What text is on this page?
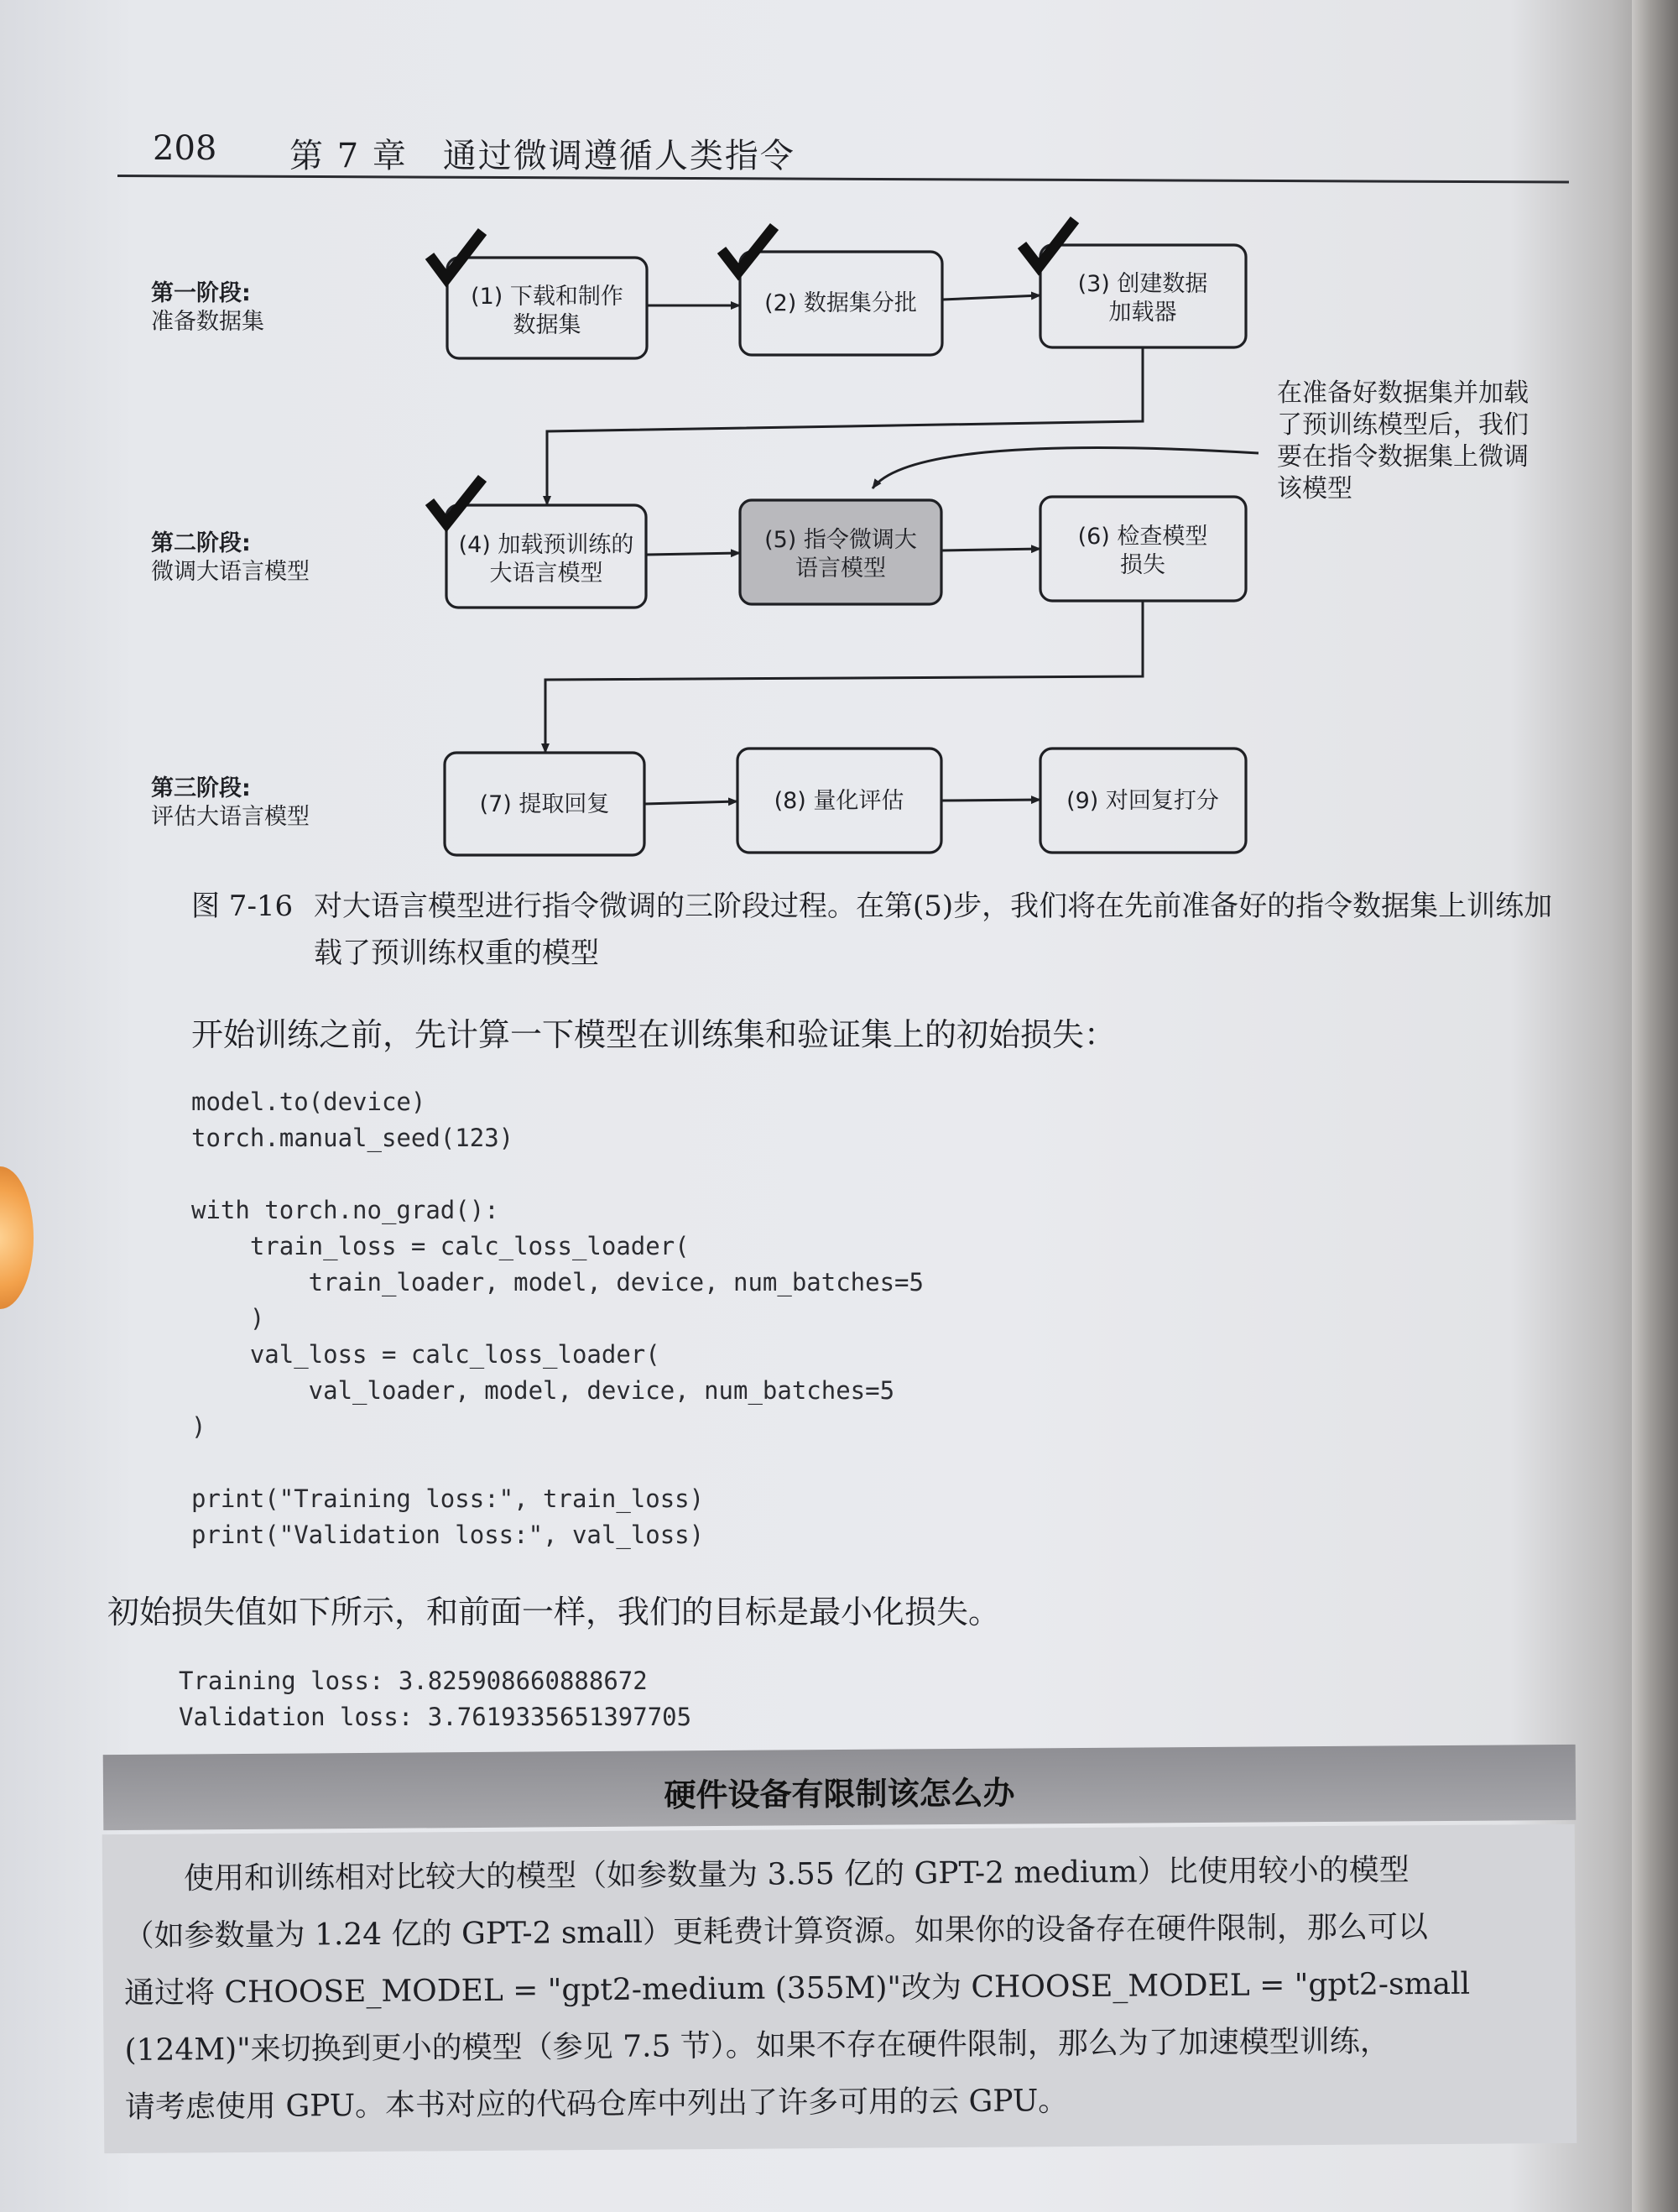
208 第 7 章　通过微调遵循人类指令
第一阶段:
准备数据集
第二阶段:
微调大语言模型
第三阶段:
评估大语言模型
(1) 下载和制作
数据集
(2) 数据集分批
(3) 创建数据
加载器
(4) 加载预训练的
大语言模型
(5) 指令微调大
语言模型
(6) 检查模型
损失
(7) 提取回复	(8) 量化评估	(9) 对回复打分
在准备好数据集并加载
了预训练模型后，我们
要在指令数据集上微调
该模型
图 7-16 对大语言模型进行指令微调的三阶段过程。在第(5)步，我们将在先前准备好的指令数据集上训练加载了预训练权重的模型
开始训练之前，先计算一下模型在训练集和验证集上的初始损失：
model.to(device)
torch.manual_seed(123)

with torch.no_grad():
train_loss = calc_loss_loader(
train_loader, model, device, num_batches=5
)
val_loss = calc_loss_loader(
val_loader, model, device, num_batches=5
)

print("Training loss:", train_loss)
print("Validation loss:", val_loss)
初始损失值如下所示，和前面一样，我们的目标是最小化损失。
Training loss: 3.825908660888672
Validation loss: 3.7619335651397705
硬件设备有限制该怎么办
　　使用和训练相对比较大的模型（如参数量为 3.55 亿的 GPT-2 medium）比使用较小的模型
（如参数量为 1.24 亿的 GPT-2 small）更耗费计算资源。如果你的设备存在硬件限制，那么可以
通过将 CHOOSE_MODEL = "gpt2-medium (355M)"改为 CHOOSE_MODEL = "gpt2-small
(124M)"来切换到更小的模型（参见 7.5 节）。如果不存在硬件限制，那么为了加速模型训练，
请考虑使用 GPU。本书对应的代码仓库中列出了许多可用的云 GPU。
